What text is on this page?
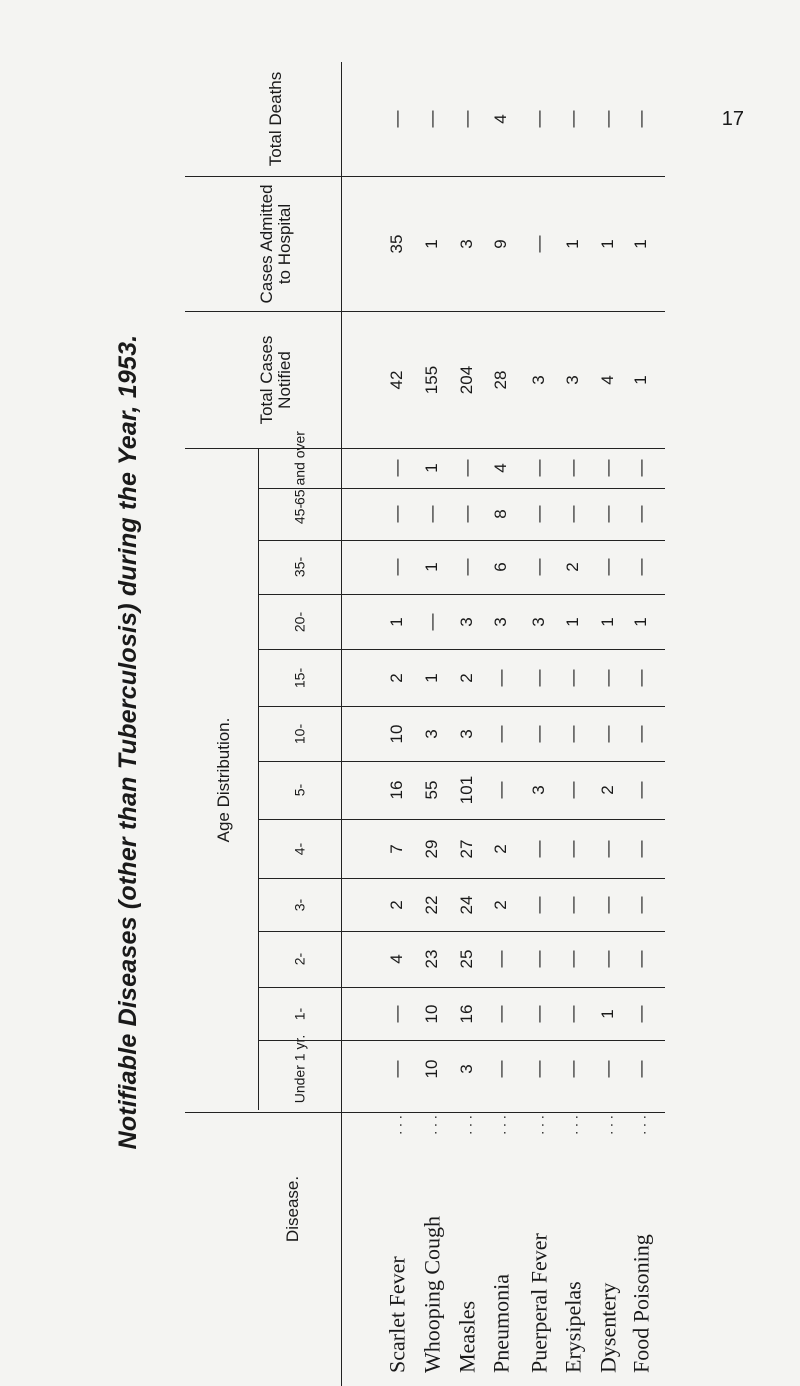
17
Notifiable Diseases (other than Tuberculosis) during the Year, 1953.
Disease.
Age Distribution.
Total Cases Notified
Cases Admitted to Hospital
Total Deaths
Under 1 yr.
1-
2-
3-
4-
5-
10-
15-
20-
35-
45-
65 and over
Scarlet Fever
. . .
—
—
4
2
7
16
10
2
1
—
—
—
42
35
—
Whooping Cough
. . .
10
10
23
22
29
55
3
1
—
1
—
1
155
1
—
Measles
. . .
3
16
25
24
27
101
3
2
3
—
—
—
204
3
—
Pneumonia
. . .
—
—
—
2
2
—
—
—
3
6
8
4
28
9
4
Puerperal Fever
. . .
—
—
—
—
—
3
—
—
3
—
—
—
3
—
—
Erysipelas
. . .
—
—
—
—
—
—
—
—
1
2
—
—
3
1
—
Dysentery
. . .
—
1
—
—
—
2
—
—
1
—
—
—
4
1
—
Food Poisoning
. . .
—
—
—
—
—
—
—
—
1
—
—
—
1
1
—
